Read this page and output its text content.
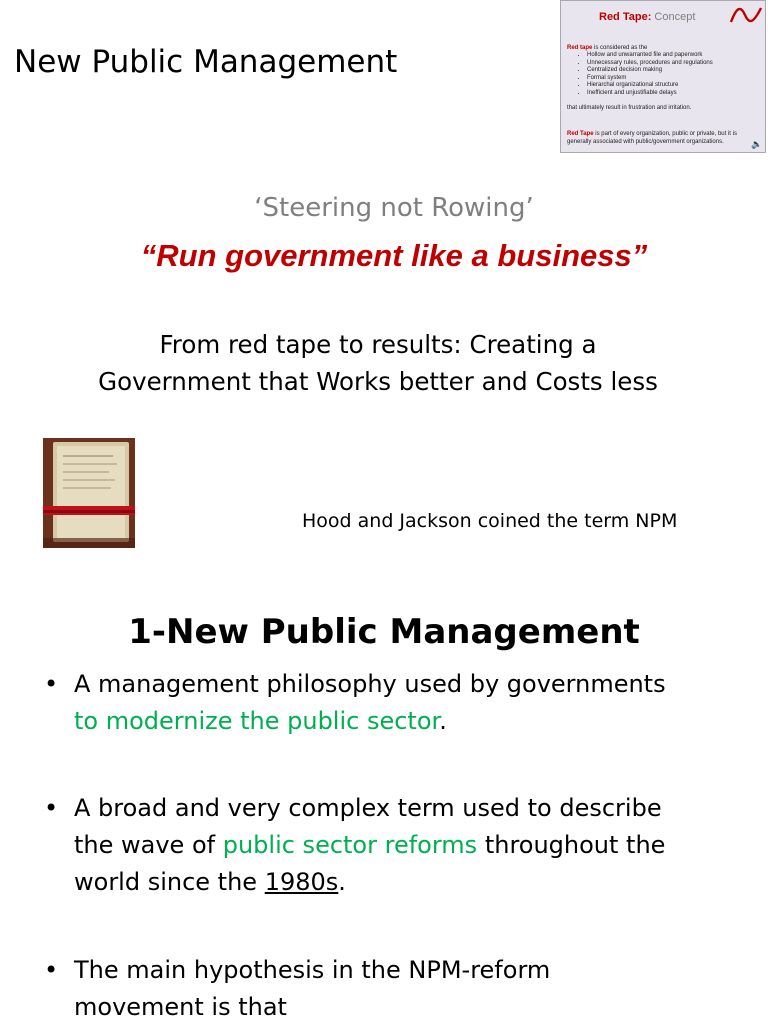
New Public Management
Red Tape: Concept
Red tape is considered as the
• Hollow and unwarranted file and paperwork
• Unnecessary rules, procedures and regulations
• Centralized decision making
• Formal system
• Hierarchal organizational structure
• Inefficient and unjustifiable delays
that ultimately result in frustration and irritation.
Red Tape is part of every organization, public or private, but it is generally associated with public/government organizations.	🔈
‘Steering not Rowing’
“Run government like a business”
From red tape to results: Creating a
Government that Works better and Costs less
Hood and Jackson coined the term NPM
1-New Public Management
• A management philosophy used by governments
to modernize the public sector.
• A broad and very complex term used to describe
the wave of public sector reforms throughout the
world since the 1980s.
• The main hypothesis in the NPM-reform
movement is that
